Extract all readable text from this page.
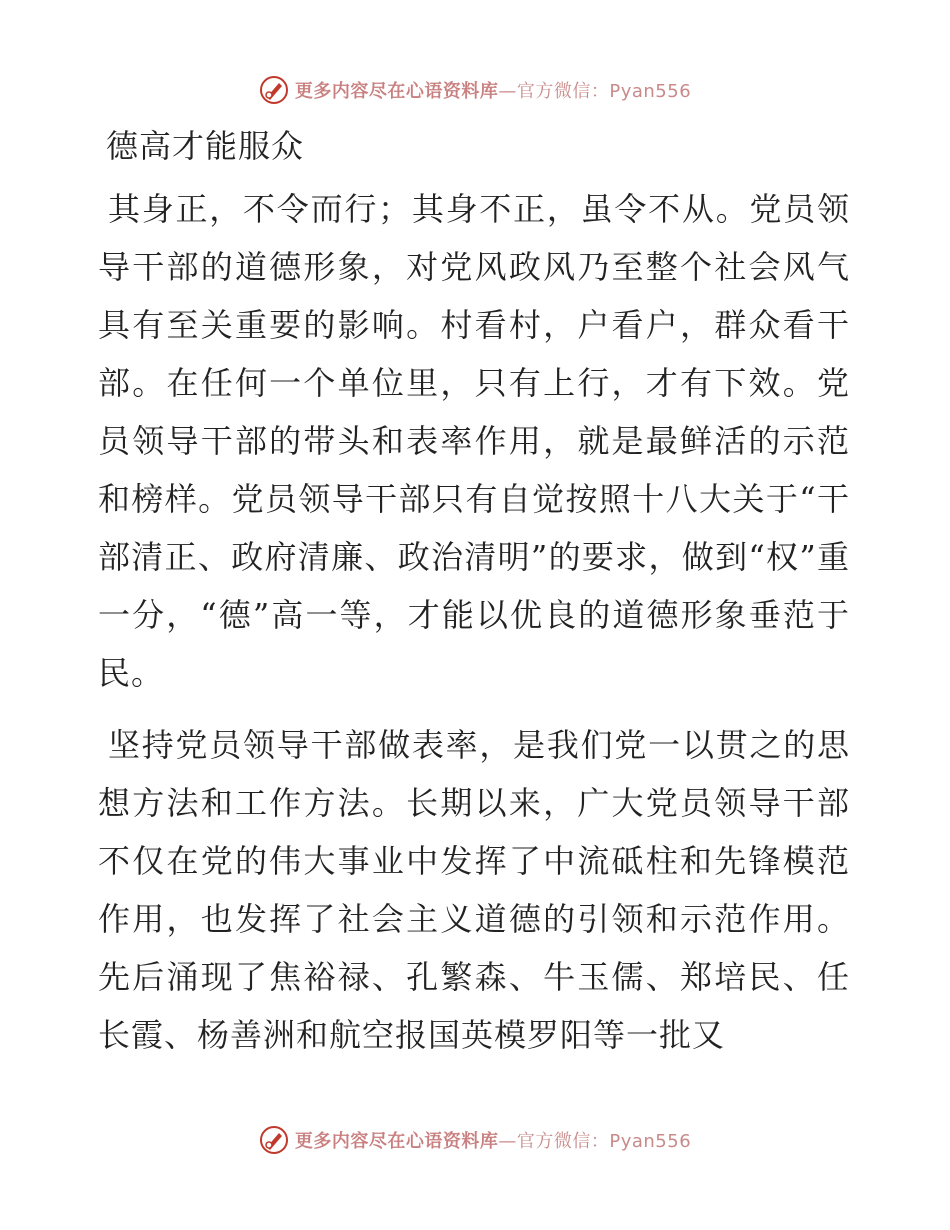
更多内容尽在心语资料库—官方微信：Pyan556
德高才能服众

其身正，不令而行；其身不正，虽令不从。党员领导干部的道德形象，对党风政风乃至整个社会风气具有至关重要的影响。村看村，户看户，群众看干部。在任何一个单位里，只有上行，才有下效。党员领导干部的带头和表率作用，就是最鲜活的示范和榜样。党员领导干部只有自觉按照十八大关于“干部清正、政府清廉、政治清明”的要求，做到“权”重一分，“德”高一等，才能以优良的道德形象垂范于民。

坚持党员领导干部做表率，是我们党一以贯之的思想方法和工作方法。长期以来，广大党员领导干部不仅在党的伟大事业中发挥了中流砥柱和先锋模范作用，也发挥了社会主义道德的引领和示范作用。先后涌现了焦裕禄、孔繁森、牛玉儒、郑培民、任长霞、杨善洲和航空报国英模罗阳等一批又

更多内容尽在心语资料库—官方微信：Pyan556
